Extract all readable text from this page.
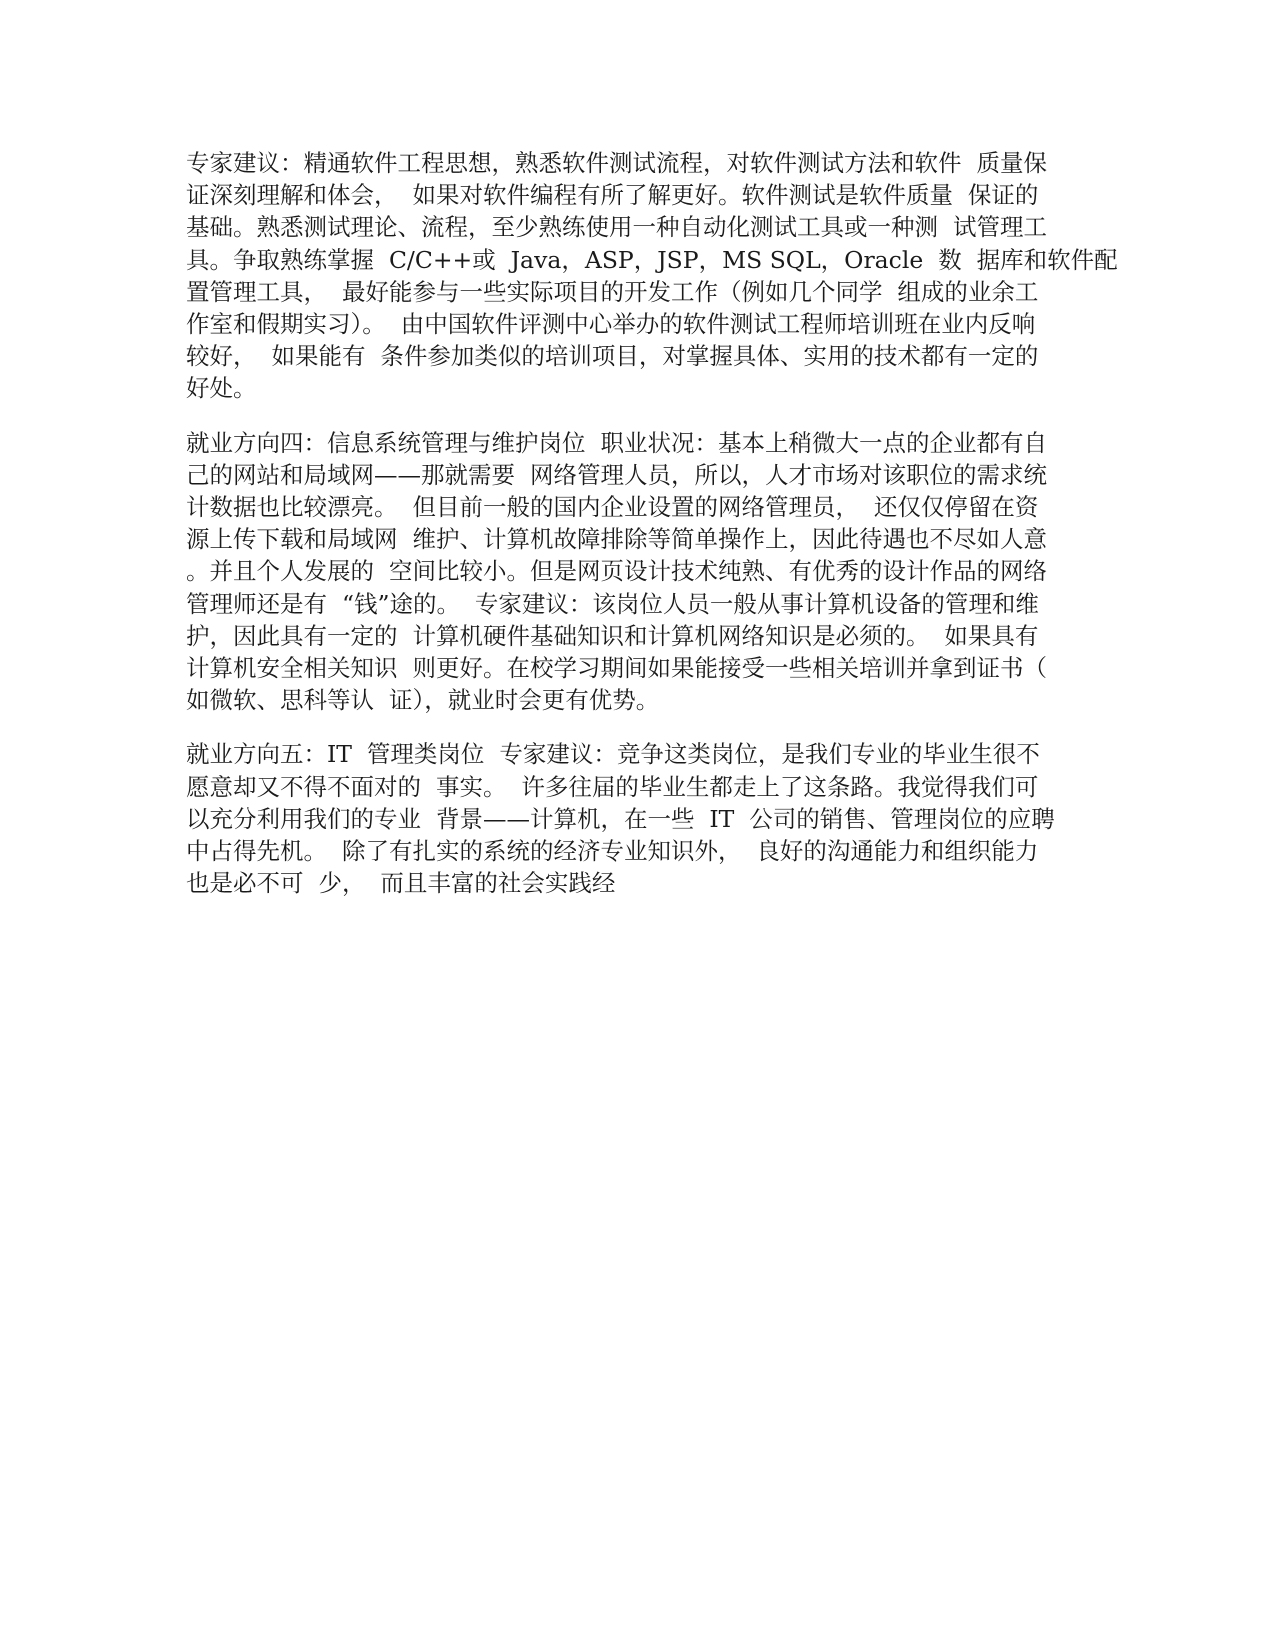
专家建议：精通软件工程思想，熟悉软件测试流程，对软件测试方法和软件  质量保
证深刻理解和体会，  如果对软件编程有所了解更好。软件测试是软件质量  保证的
基础。熟悉测试理论、流程，至少熟练使用一种自动化测试工具或一种测  试管理工
具。争取熟练掌握  C/C++或  Java，ASP，JSP，MS SQL，Oracle  数  据库和软件配
置管理工具，  最好能参与一些实际项目的开发工作（例如几个同学  组成的业余工
作室和假期实习）。  由中国软件评测中心举办的软件测试工程师培训班在业内反响
较好，  如果能有  条件参加类似的培训项目，对掌握具体、实用的技术都有一定的
好处。

就业方向四：信息系统管理与维护岗位  职业状况：基本上稍微大一点的企业都有自
己的网站和局域网——那就需要  网络管理人员，所以，人才市场对该职位的需求统
计数据也比较漂亮。  但目前一般的国内企业设置的网络管理员，  还仅仅停留在资
源上传下载和局域网  维护、计算机故障排除等简单操作上，因此待遇也不尽如人意
。并且个人发展的  空间比较小。但是网页设计技术纯熟、有优秀的设计作品的网络
管理师还是有  “钱”途的。  专家建议：该岗位人员一般从事计算机设备的管理和维
护，因此具有一定的  计算机硬件基础知识和计算机网络知识是必须的。  如果具有
计算机安全相关知识  则更好。在校学习期间如果能接受一些相关培训并拿到证书（
如微软、思科等认  证），就业时会更有优势。

就业方向五：IT  管理类岗位  专家建议：竞争这类岗位，是我们专业的毕业生很不
愿意却又不得不面对的  事实。  许多往届的毕业生都走上了这条路。我觉得我们可
以充分利用我们的专业  背景——计算机，在一些  IT  公司的销售、管理岗位的应聘
中占得先机。  除了有扎实的系统的经济专业知识外，  良好的沟通能力和组织能力
也是必不可  少，  而且丰富的社会实践经
